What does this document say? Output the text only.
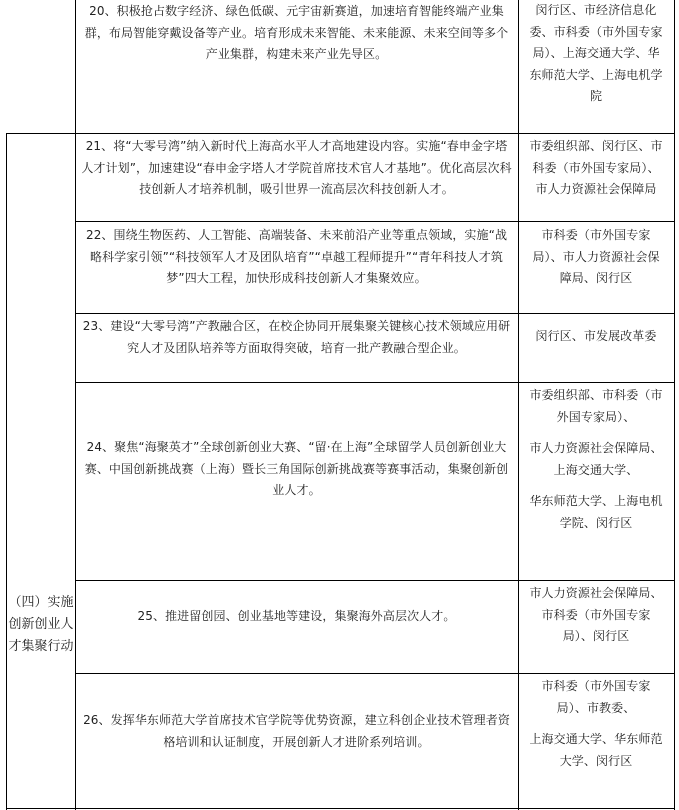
（四）实施创新创业人才集聚行动
20、积极抢占数字经济、绿色低碳、元宇宙新赛道，加速培育智能终端产业集群，布局智能穿戴设备等产业。培育形成未来智能、未来能源、未来空间等多个产业集群，构建未来产业先导区。
闵行区、市经济信息化
委、市科委（市外国专家
局）、上海交通大学、华
东师范大学、上海电机学
院
21、将“大零号湾”纳入新时代上海高水平人才高地建设内容。实施“春申金字塔人才计划”，加速建设“春申金字塔人才学院首席技术官人才基地”。优化高层次科技创新人才培养机制，吸引世界一流高层次科技创新人才。
市委组织部、闵行区、市
科委（市外国专家局）、
市人力资源社会保障局
22、围绕生物医药、人工智能、高端装备、未来前沿产业等重点领域，实施“战略科学家引领”“科技领军人才及团队培育”“卓越工程师提升”“青年科技人才筑梦”四大工程，加快形成科技创新人才集聚效应。
市科委（市外国专家
局）、市人力资源社会保
障局、闵行区
23、建设“大零号湾”产教融合区，在校企协同开展集聚关键核心技术领域应用研究人才及团队培养等方面取得突破，培育一批产教融合型企业。
闵行区、市发展改革委
24、聚焦“海聚英才”全球创新创业大赛、“留·在上海”全球留学人员创新创业大赛、中国创新挑战赛（上海）暨长三角国际创新挑战赛等赛事活动，集聚创新创业人才。
市委组织部、市科委（市
外国专家局）、
市人力资源社会保障局、
上海交通大学、
华东师范大学、上海电机
学院、闵行区
25、推进留创园、创业基地等建设，集聚海外高层次人才。
市人力资源社会保障局、
市科委（市外国专家
局）、闵行区
26、发挥华东师范大学首席技术官学院等优势资源，建立科创企业技术管理者资格培训和认证制度，开展创新人才进阶系列培训。
市科委（市外国专家
局）、市教委、
上海交通大学、华东师范
大学、闵行区
